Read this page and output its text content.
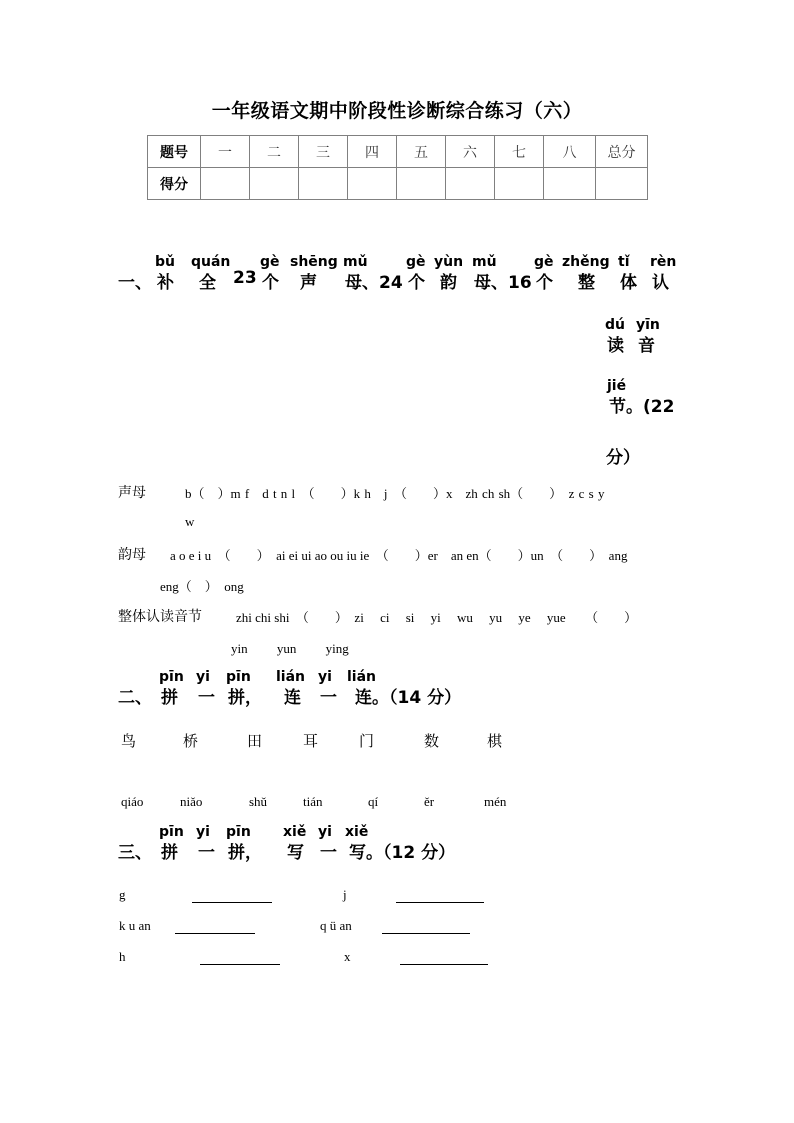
一年级语文期中阶段性诊断综合练习（六）
题号	一	二	三	四	五	六	七	八	总分
得分									
一、
bǔ
补
quán
全 23
gè
个
shēng
声
mǔ
母、24
gè
个
yùn
韵
mǔ
母、16
gè
个
zhěng
整
tǐ
体
rèn
认
dú
读
yīn
音
jié
节。(22
分）
声母	b（　）m f　d t n l　（　　）k h　j　（　　）x　zh ch sh（　　）　z c s y
w
韵母 a o e i u　（　　）　ai ei ui ao ou iu ie　（　　）er　an en（　　）un　（　　）　ang
eng（　）　ong
整体认读音节	zhi chi shi　（　　）　zi　 ci　 si　 yi　 wu　 yu　 ye　 yue　　（　　）
yin　　 yun　　 ying
二、
pīn
拼
yi
一
pīn
拼，
lián
连
yi
一
lián
连。（14 分）
鸟	桥	田	耳	门	数	棋
qiáo	niǎo	shǔ	tián	qí	ěr	mén
三、
pīn
拼
yi
一
pīn
拼，
xiě
写
yi
一
xiě
写。（12 分）
g	j
k u an	q ü an
h	x
